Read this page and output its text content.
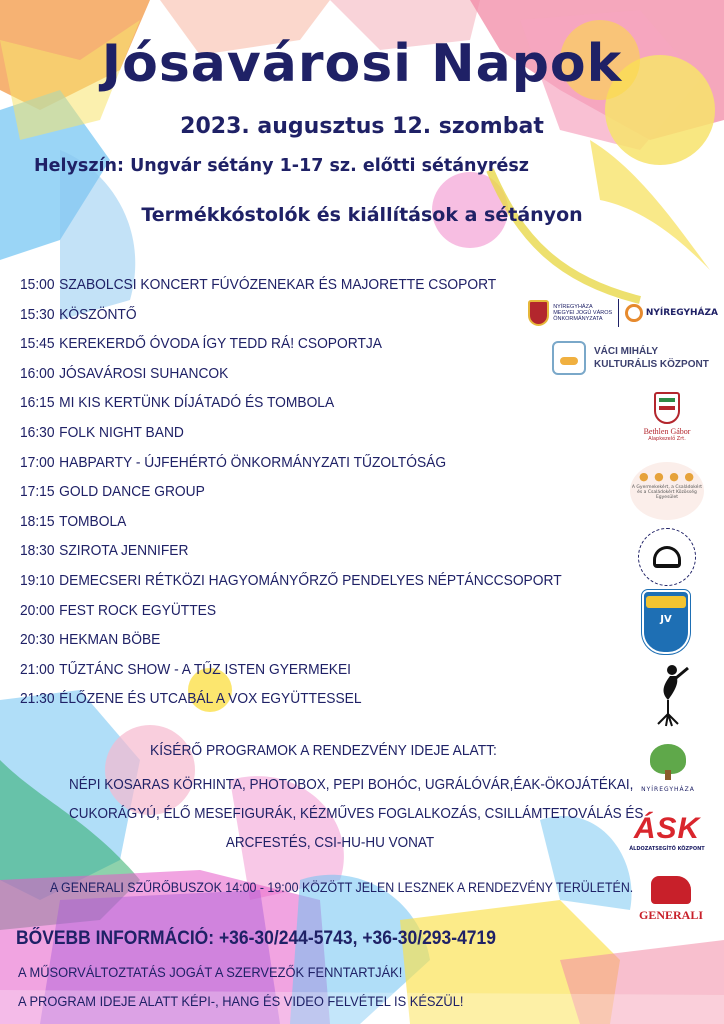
Jósavárosi Napok
2023. augusztus 12. szombat
Helyszín: Ungvár sétány 1-17 sz. előtti sétányrész
Termékkóstolók és kiállítások a sétányon
15:00 SZABOLCSI KONCERT FÚVÓZENEKAR ÉS MAJORETTE CSOPORT
15:30 KÖSZÖNTŐ
15:45 KEREKERDŐ ÓVODA ÍGY TEDD RÁ! CSOPORTJA
16:00 JÓSAVÁROSI SUHANCOK
16:15 MI KIS KERTÜNK DÍJÁTADÓ ÉS TOMBOLA
16:30 FOLK NIGHT BAND
17:00 HABPARTY - ÚJFEHÉRTÓ ÖNKORMÁNYZATI TŰZOLTÓSÁG
17:15 GOLD DANCE GROUP
18:15 TOMBOLA
18:30 SZIROTA JENNIFER
19:10 DEMECSERI RÉTKÖZI HAGYOMÁNYŐRZŐ PENDELYES NÉPTÁNCCSOPORT
20:00 FEST ROCK EGYÜTTES
20:30 HEKMAN BÖBE
21:00 TŰZTÁNC SHOW - A TŰZ ISTEN GYERMEKEI
21:30 ÉLŐZENE ÉS UTCABÁL A VOX EGYÜTTESSEL
KÍSÉRŐ PROGRAMOK A RENDEZVÉNY IDEJE ALATT:
NÉPI KOSARAS KÖRHINTA, PHOTOBOX, PEPI BOHÓC, UGRÁLÓVÁR,ÉAK-ÖKOJÁTÉKAI,
CUKORÁGYÚ, ÉLŐ MESEFIGURÁK, KÉZMŰVES FOGLALKOZÁS, CSILLÁMTETOVÁLÁS ÉS
ARCFESTÉS, CSI-HU-HU VONAT
A GENERALI SZŰRŐBUSZOK 14:00 - 19:00 KÖZÖTT JELEN LESZNEK A RENDEZVÉNY TERÜLETÉN.
BŐVEBB INFORMÁCIÓ: +36-30/244-5743, +36-30/293-4719
A MŰSORVÁLTOZTATÁS JOGÁT A SZERVEZŐK FENNTARTJÁK!
A PROGRAM IDEJE ALATT KÉPI-, HANG ÉS VIDEO FELVÉTEL IS KÉSZÜL!
NYÍREGYHÁZA MEGYEI JOGÚ VÁROS ÖNKORMÁNYZATA
NYÍREGYHÁZA
VÁCI MIHÁLY
KULTURÁLIS KÖZPONT
Bethlen Gábor
Alapkezelő Zrt.
● ● ● ●
A Gyermekekért, a Családokért és a Családokért Közösség Egyesület
JV
NYÍREGYHÁZA
ÁSK
ÁLDOZATSEGÍTŐ KÖZPONT
GENERALI
